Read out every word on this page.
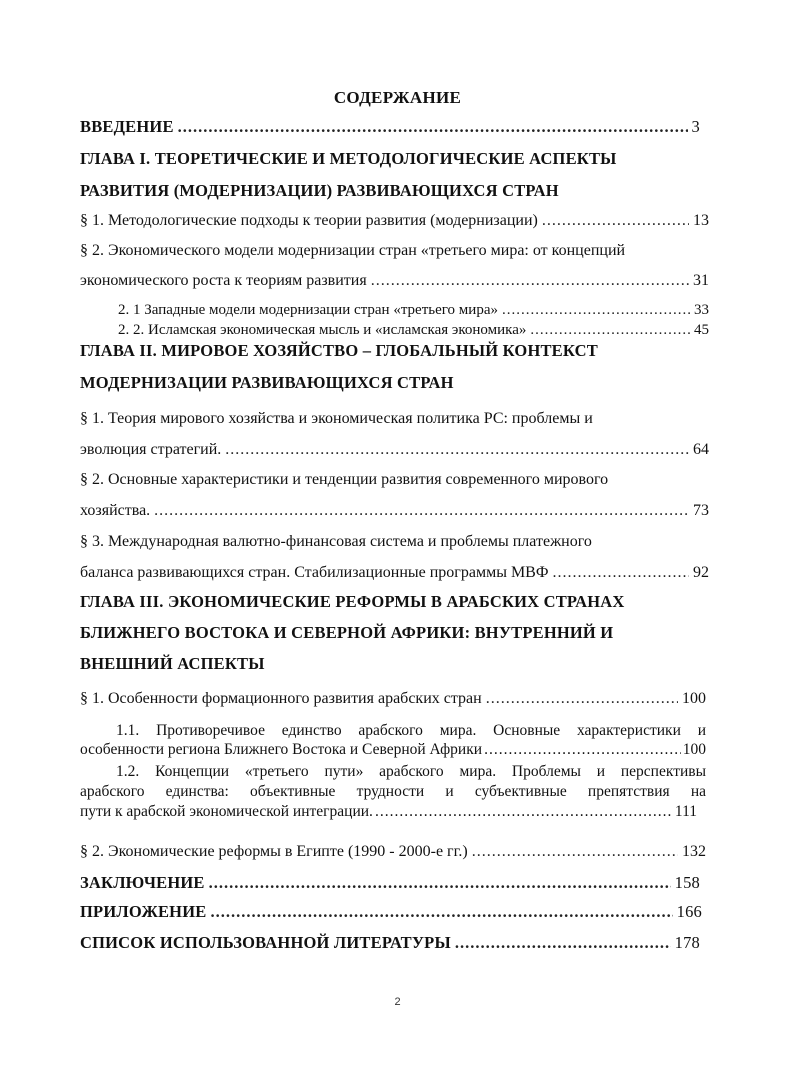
СОДЕРЖАНИЕ
ВВЕДЕНИЕ .....	3
ГЛАВА I. ТЕОРЕТИЧЕСКИЕ И МЕТОДОЛОГИЧЕСКИЕ АСПЕКТЫ
РАЗВИТИЯ (МОДЕРНИЗАЦИИ) РАЗВИВАЮЩИХСЯ СТРАН
§ 1. Методологические подходы к теории развития (модернизации) .....	13
§ 2. Экономического модели модернизации стран «третьего мира: от концепций
экономического роста к теориям развития .....	31
2. 1 Западные модели модернизации стран «третьего мира» .....	33
2. 2. Исламская экономическая мысль и «исламская экономика» .....	45
ГЛАВА II. МИРОВОЕ ХОЗЯЙСТВО – ГЛОБАЛЬНЫЙ КОНТЕКСТ
МОДЕРНИЗАЦИИ РАЗВИВАЮЩИХСЯ СТРАН
§ 1. Теория мирового хозяйства и экономическая политика РС: проблемы и
эволюция стратегий. .....	64
§ 2. Основные характеристики и тенденции развития современного мирового
хозяйства. .....	73
§ 3. Международная валютно-финансовая система и проблемы платежного
баланса развивающихся стран. Стабилизационные программы МВФ .....	92
ГЛАВА III. ЭКОНОМИЧЕСКИЕ РЕФОРМЫ В АРАБСКИХ СТРАНАХ
БЛИЖНЕГО ВОСТОКА И СЕВЕРНОЙ АФРИКИ: ВНУТРЕННИЙ И
ВНЕШНИЙ АСПЕКТЫ
§ 1. Особенности формационного развития арабских стран .....	100
1.1. Противоречивое единство арабского мира. Основные характеристики и
особенности региона Ближнего Востока и Северной Африки .....	100
1.2. Концепции «третьего пути» арабского мира. Проблемы и перспективы
арабского единства: объективные трудности и субъективные препятствия на
пути к арабской экономической интеграции. .....	111
§ 2. Экономические реформы в Египте (1990 - 2000-е гг.) .....	132
ЗАКЛЮЧЕНИЕ .....	158
ПРИЛОЖЕНИЕ .....	166
СПИСОК ИСПОЛЬЗОВАННОЙ ЛИТЕРАТУРЫ .....	178
2
